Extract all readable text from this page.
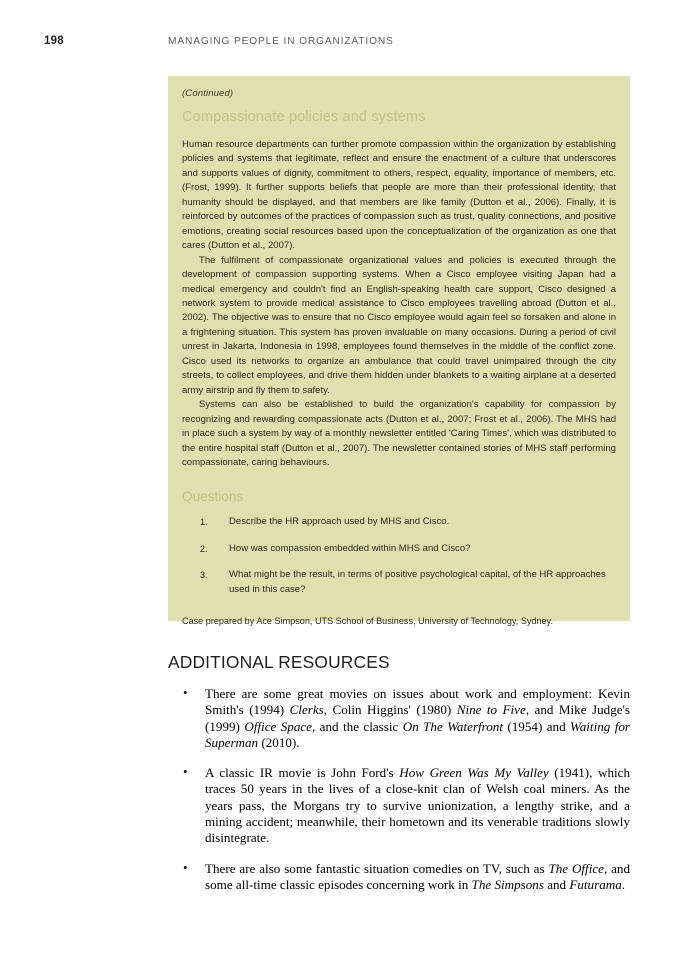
198	MANAGING PEOPLE IN ORGANIZATIONS

(Continued)

Compassionate policies and systems

Human resource departments can further promote compassion within the organization by establishing policies and systems that legitimate, reflect and ensure the enactment of a culture that underscores and supports values of dignity, commitment to others, respect, equality, importance of members, etc. (Frost, 1999). It further supports beliefs that people are more than their professional identity, that humanity should be displayed, and that members are like family (Dutton et al., 2006). Finally, it is reinforced by outcomes of the practices of compassion such as trust, quality connections, and positive emotions, creating social resources based upon the conceptualization of the organization as one that cares (Dutton et al., 2007).

The fulfilment of compassionate organizational values and policies is executed through the development of compassion supporting systems. When a Cisco employee visiting Japan had a medical emergency and couldn't find an English-speaking health care support, Cisco designed a network system to provide medical assistance to Cisco employees travelling abroad (Dutton et al., 2002). The objective was to ensure that no Cisco employee would again feel so forsaken and alone in a frightening situation. This system has proven invaluable on many occasions. During a period of civil unrest in Jakarta, Indonesia in 1998, employees found themselves in the middle of the conflict zone. Cisco used its networks to organize an ambulance that could travel unimpaired through the city streets, to collect employees, and drive them hidden under blankets to a waiting airplane at a deserted army airstrip and fly them to safety.

Systems can also be established to build the organization's capability for compassion by recognizing and rewarding compassionate acts (Dutton et al., 2007; Frost et al., 2006). The MHS had in place such a system by way of a monthly newsletter entitled 'Caring Times', which was distributed to the entire hospital staff (Dutton et al., 2007). The newsletter contained stories of MHS staff performing compassionate, caring behaviours.

Questions
1. Describe the HR approach used by MHS and Cisco.
2. How was compassion embedded within MHS and Cisco?
3. What might be the result, in terms of positive psychological capital, of the HR approaches used in this case?

Case prepared by Ace Simpson, UTS School of Business, University of Technology, Sydney.

ADDITIONAL RESOURCES
• There are some great movies on issues about work and employment: Kevin Smith's (1994) Clerks, Colin Higgins' (1980) Nine to Five, and Mike Judge's (1999) Office Space, and the classic On The Waterfront (1954) and Waiting for Superman (2010).
• A classic IR movie is John Ford's How Green Was My Valley (1941), which traces 50 years in the lives of a close-knit clan of Welsh coal miners. As the years pass, the Morgans try to survive unionization, a lengthy strike, and a mining accident; meanwhile, their hometown and its venerable traditions slowly disintegrate.
• There are also some fantastic situation comedies on TV, such as The Office, and some all-time classic episodes concerning work in The Simpsons and Futurama.
